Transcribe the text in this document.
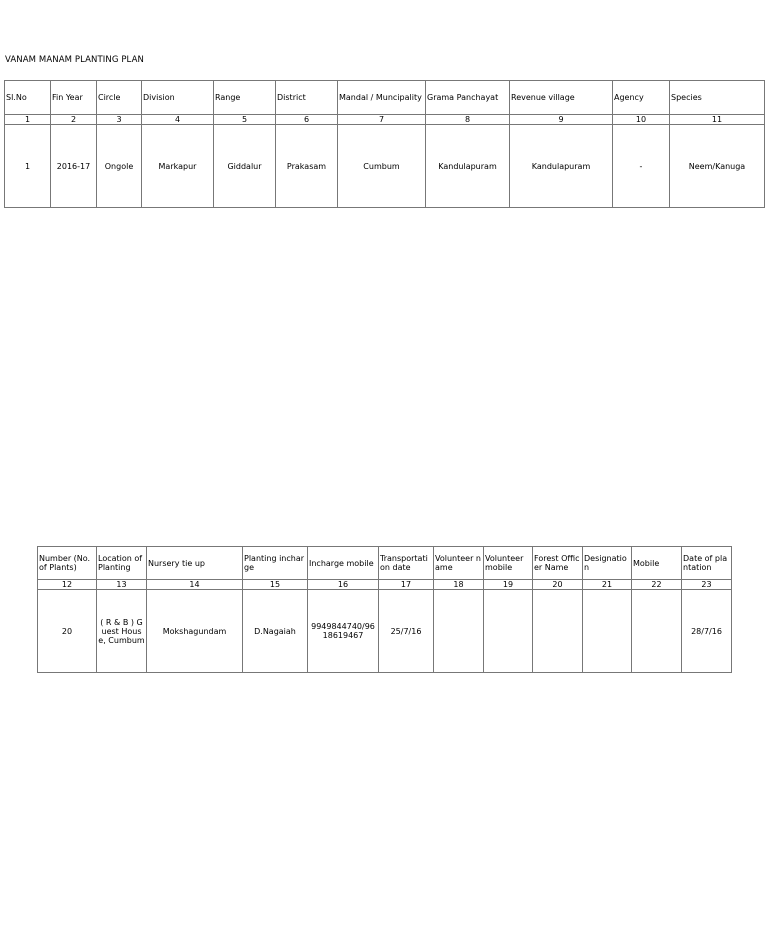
VANAM MANAM PLANTING PLAN
Sl.No	Fin Year	Circle	Division	Range	District	Mandal / Muncipality	Grama Panchayat	Revenue village	Agency	Species
1	2	3	4	5	6	7	8	9	10	11
1	2016-17	Ongole	Markapur	Giddalur	Prakasam	Cumbum	Kandulapuram	Kandulapuram	-	Neem/Kanuga
Number (No. of Plants)	Location of Planting	Nursery tie up	Planting incharge	Incharge mobile	Transportation date	Volunteer name	Volunteer mobile	Forest Officer Name	Designation	Mobile	Date of plantation
12	13	14	15	16	17	18	19	20	21	22	23
20	( R & B ) Guest House, Cumbum	Mokshagundam	D.Nagaiah	9949844740/9618619467	25/7/16						28/7/16
